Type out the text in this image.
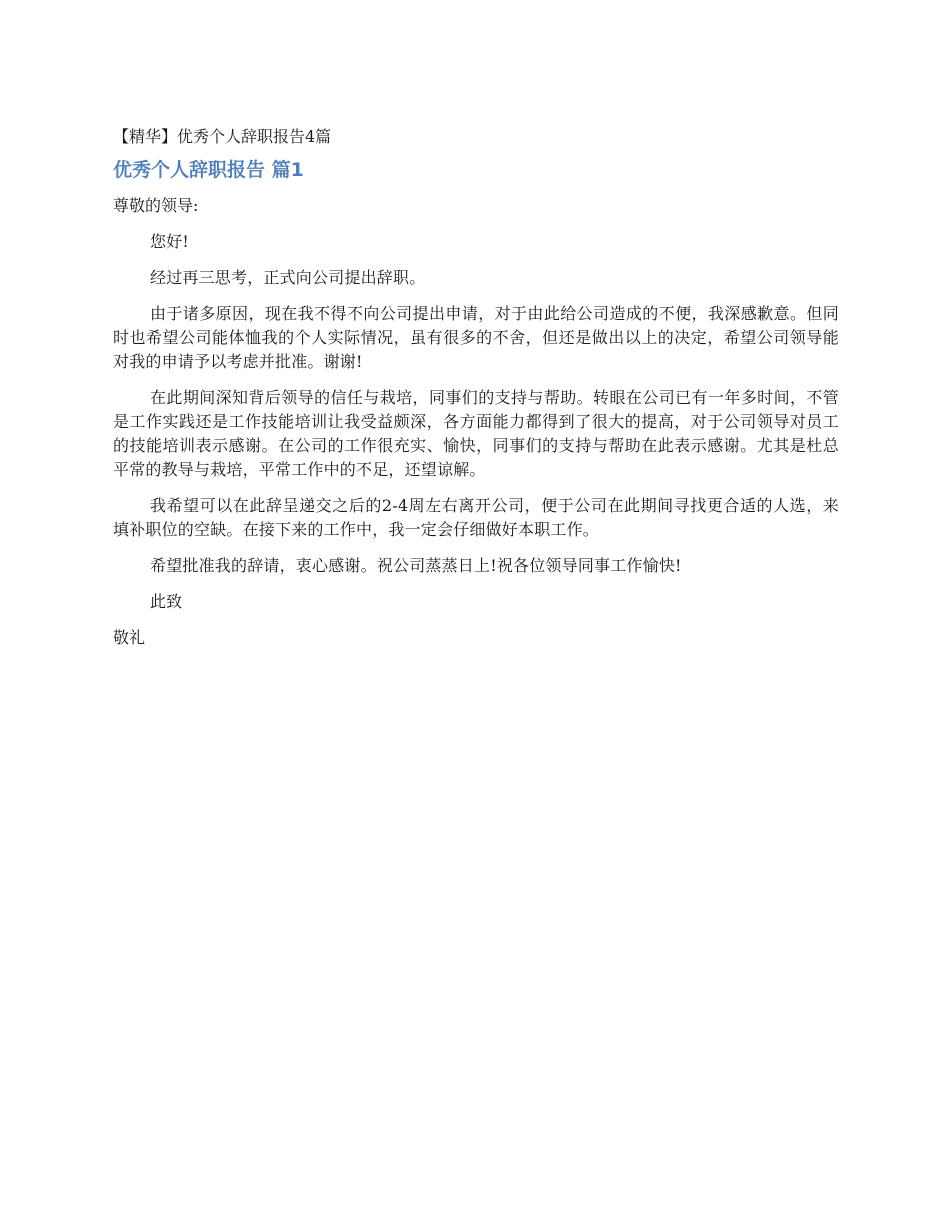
【精华】优秀个人辞职报告4篇
优秀个人辞职报告 篇1
尊敬的领导:

您好!

经过再三思考，正式向公司提出辞职。

由于诸多原因，现在我不得不向公司提出申请，对于由此给公司造成的不便，我深感歉意。但同时也希望公司能体恤我的个人实际情况，虽有很多的不舍，但还是做出以上的决定，希望公司领导能对我的申请予以考虑并批准。谢谢!

在此期间深知背后领导的信任与栽培，同事们的支持与帮助。转眼在公司已有一年多时间，不管是工作实践还是工作技能培训让我受益颇深，各方面能力都得到了很大的提高，对于公司领导对员工的技能培训表示感谢。在公司的工作很充实、愉快，同事们的支持与帮助在此表示感谢。尤其是杜总平常的教导与栽培，平常工作中的不足，还望谅解。

我希望可以在此辞呈递交之后的2-4周左右离开公司，便于公司在此期间寻找更合适的人选，来填补职位的空缺。在接下来的工作中，我一定会仔细做好本职工作。

希望批准我的辞请，衷心感谢。祝公司蒸蒸日上!祝各位领导同事工作愉快!

此致

敬礼
